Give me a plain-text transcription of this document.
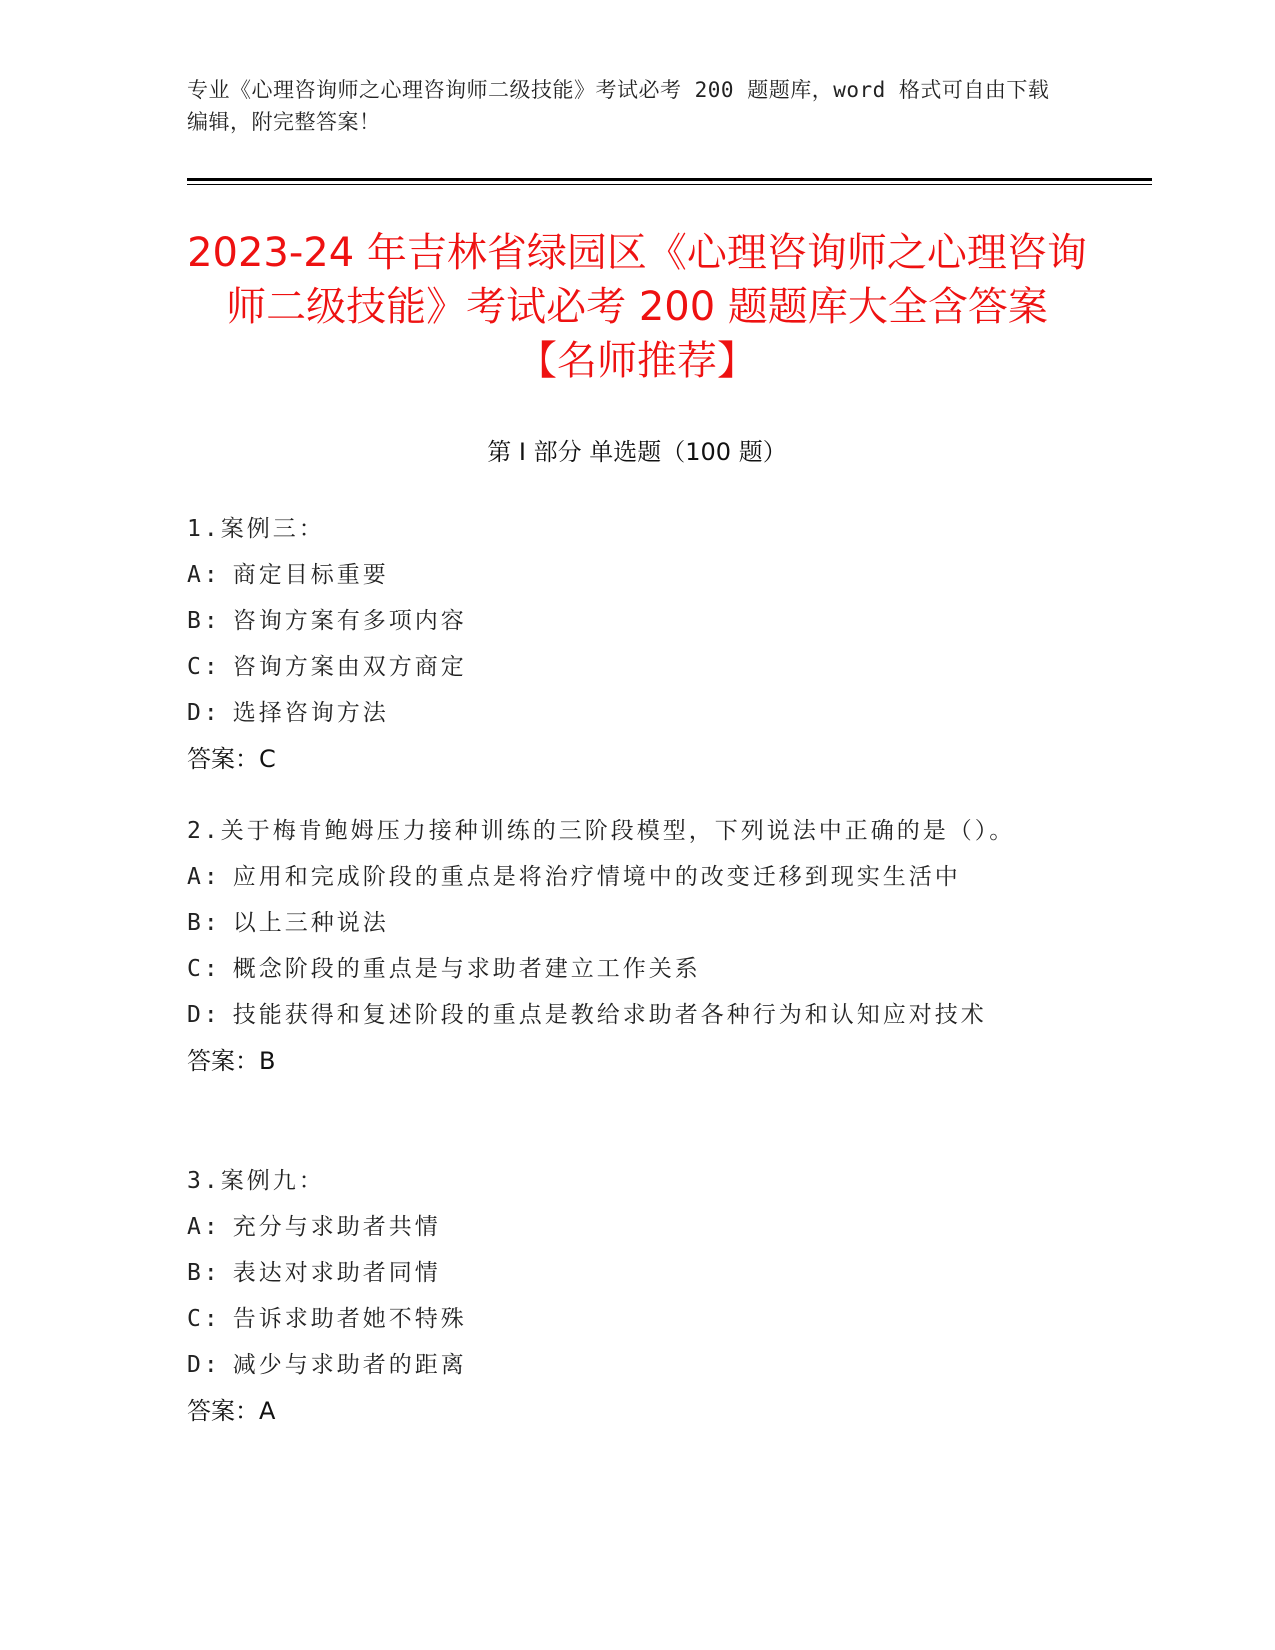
专业《心理咨询师之心理咨询师二级技能》考试必考 200 题题库，word 格式可自由下载编辑，附完整答案！
2023-24 年吉林省绿园区《心理咨询师之心理咨询师二级技能》考试必考 200 题题库大全含答案【名师推荐】
第 I 部分 单选题（100 题）

1.案例三：

A: 商定目标重要

B: 咨询方案有多项内容

C: 咨询方案由双方商定

D: 选择咨询方法

答案：C

2.关于梅肯鲍姆压力接种训练的三阶段模型，下列说法中正确的是（）。

A: 应用和完成阶段的重点是将治疗情境中的改变迁移到现实生活中

B: 以上三种说法

C: 概念阶段的重点是与求助者建立工作关系

D: 技能获得和复述阶段的重点是教给求助者各种行为和认知应对技术

答案：B

3.案例九：

A: 充分与求助者共情

B: 表达对求助者同情

C: 告诉求助者她不特殊

D: 减少与求助者的距离

答案：A
